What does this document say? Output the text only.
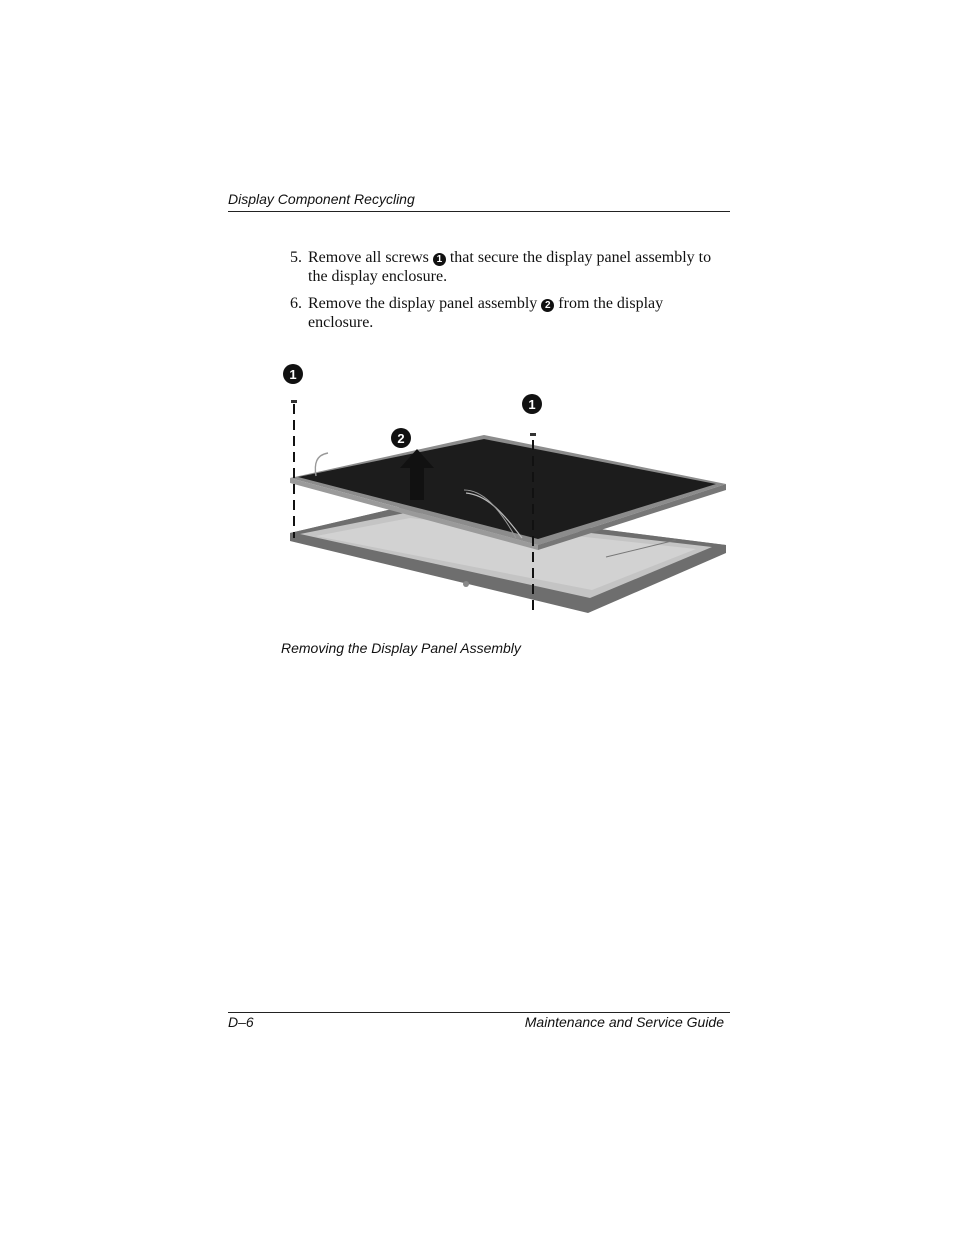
Display Component Recycling
5. Remove all screws 1 that secure the display panel assembly to the display enclosure.
6. Remove the display panel assembly 2 from the display enclosure.
1
1
2
Removing the Display Panel Assembly
D–6	Maintenance and Service Guide
